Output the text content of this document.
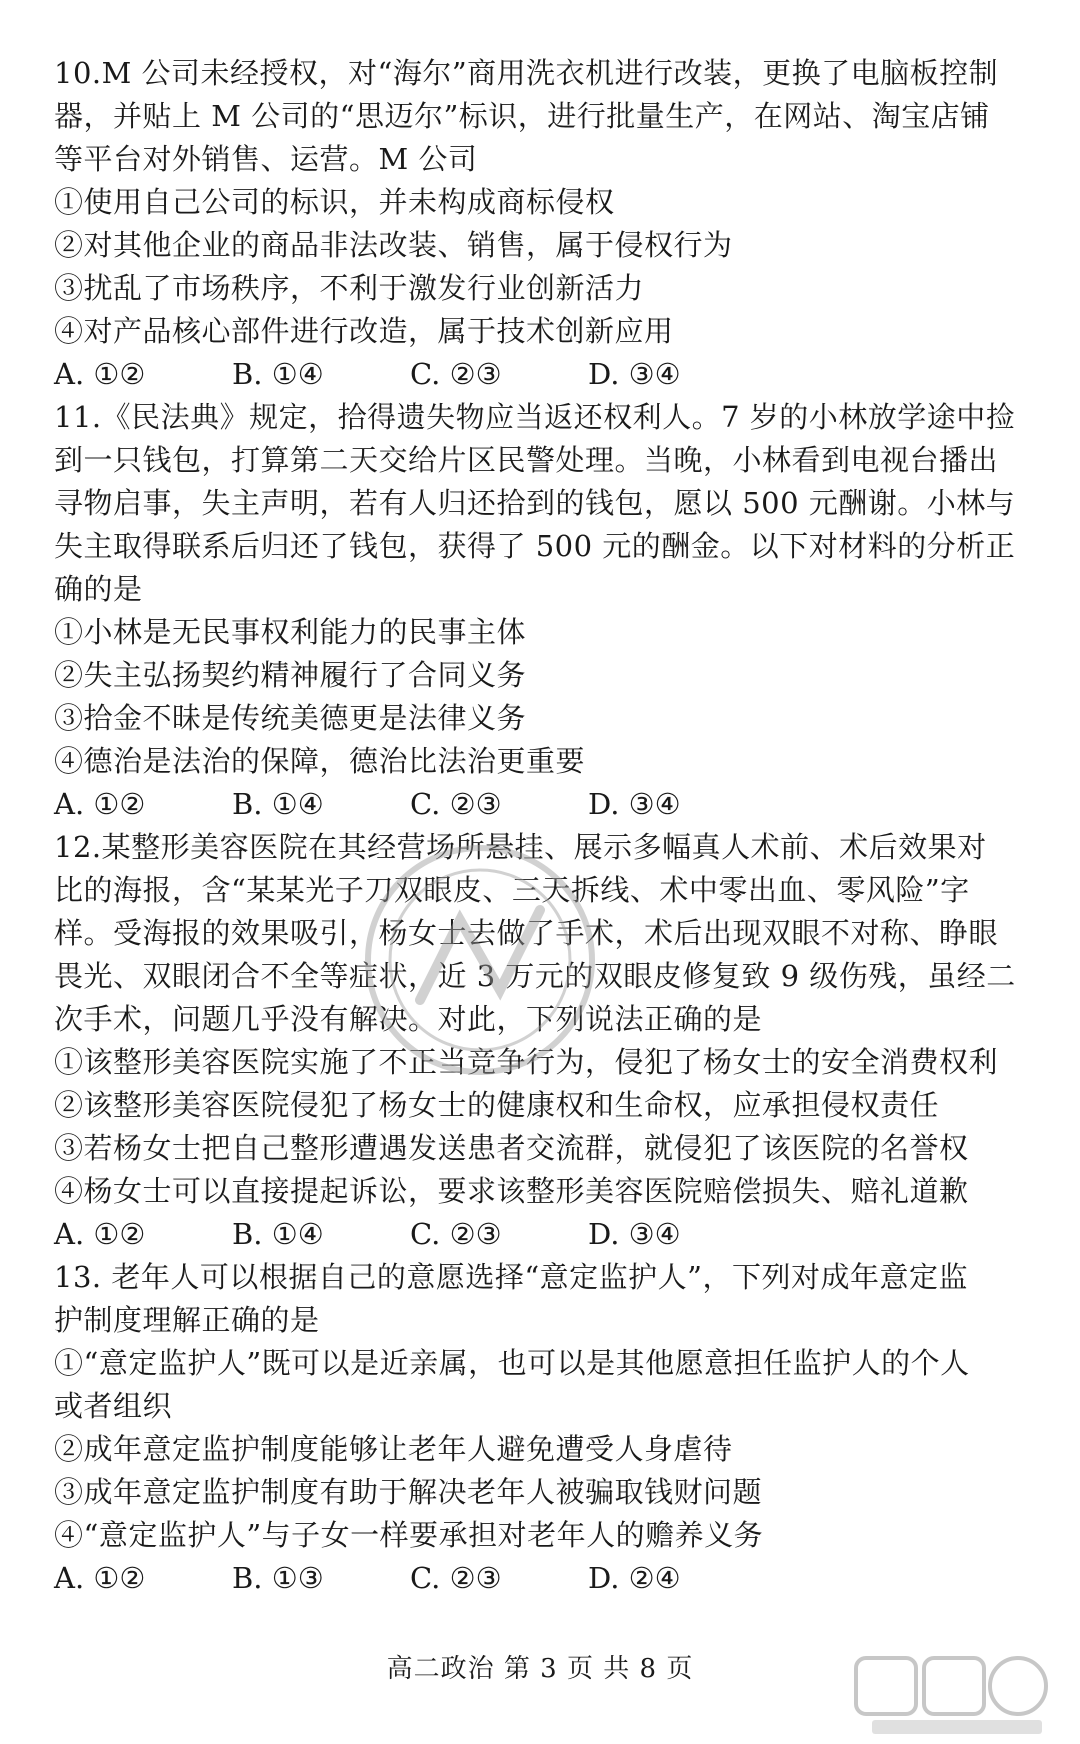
10.M 公司未经授权，对“海尔”商用洗衣机进行改装，更换了电脑板控制
器，并贴上 M 公司的“思迈尔”标识，进行批量生产，在网站、淘宝店铺
等平台对外销售、运营。M 公司
①使用自己公司的标识，并未构成商标侵权
②对其他企业的商品非法改装、销售，属于侵权行为
③扰乱了市场秩序，不利于激发行业创新活力
④对产品核心部件进行改造，属于技术创新应用
A. ①②	B. ①④	C. ②③	D. ③④
11.《民法典》规定，拾得遗失物应当返还权利人。7 岁的小林放学途中捡
到一只钱包，打算第二天交给片区民警处理。当晚，小林看到电视台播出
寻物启事，失主声明，若有人归还拾到的钱包，愿以 500 元酬谢。小林与
失主取得联系后归还了钱包，获得了 500 元的酬金。以下对材料的分析正
确的是
①小林是无民事权利能力的民事主体
②失主弘扬契约精神履行了合同义务
③拾金不昧是传统美德更是法律义务
④德治是法治的保障，德治比法治更重要
A. ①②	B. ①④	C. ②③	D. ③④
12.某整形美容医院在其经营场所悬挂、展示多幅真人术前、术后效果对
比的海报，含“某某光子刀双眼皮、三天拆线、术中零出血、零风险”字
样。受海报的效果吸引，杨女士去做了手术，术后出现双眼不对称、睁眼
畏光、双眼闭合不全等症状，近 3 万元的双眼皮修复致 9 级伤残，虽经二
次手术，问题几乎没有解决。对此，下列说法正确的是
①该整形美容医院实施了不正当竞争行为，侵犯了杨女士的安全消费权利
②该整形美容医院侵犯了杨女士的健康权和生命权，应承担侵权责任
③若杨女士把自己整形遭遇发送患者交流群，就侵犯了该医院的名誉权
④杨女士可以直接提起诉讼，要求该整形美容医院赔偿损失、赔礼道歉
A. ①②	B. ①④	C. ②③	D. ③④
13. 老年人可以根据自己的意愿选择“意定监护人”，下列对成年意定监
护制度理解正确的是
①“意定监护人”既可以是近亲属，也可以是其他愿意担任监护人的个人
或者组织
②成年意定监护制度能够让老年人避免遭受人身虐待
③成年意定监护制度有助于解决老年人被骗取钱财问题
④“意定监护人”与子女一样要承担对老年人的赡养义务
A. ①②	B. ①③	C. ②③	D. ②④
高二政治 第 3 页 共 8 页
